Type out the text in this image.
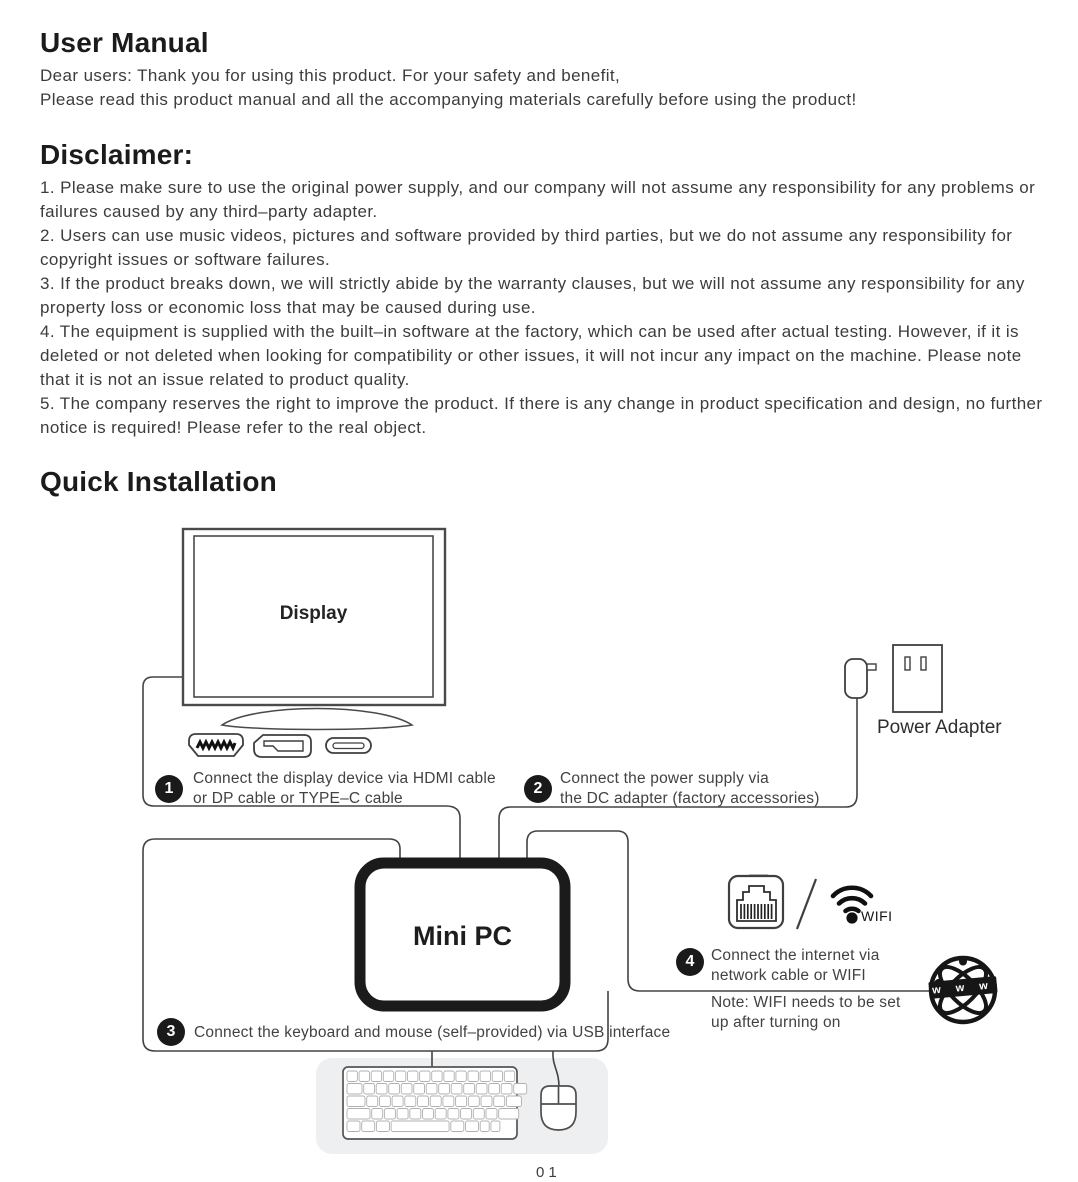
User Manual
Dear users: Thank you for using this product. For your safety and benefit,
Please read this product manual and all the accompanying materials carefully before using the product!
Disclaimer:

1. Please make sure to use the original power supply, and our company will not assume any responsibility for any problems or failures caused by any third–party adapter.

2. Users can use music videos, pictures and software provided by third parties, but we do not assume any responsibility for copyright issues or software failures.

3. If the product breaks down, we will strictly abide by the warranty clauses, but we will not assume any responsibility for any property loss or economic loss that may be caused during use.

4. The equipment is supplied with the built–in software at the factory, which can be used after actual testing. However, if it is deleted or not deleted when looking for compatibility or other issues, it will not incur any impact on the machine. Please note that it is not an issue related to product quality.

5. The company reserves the right to improve the product. If there is any change in product specification and design, no further notice is required! Please refer to the real object.

Quick Installation
Display
Power Adapter
Mini PC
WIFI
1
Connect the display device via HDMI cable
or DP cable or TYPE–C cable
2
Connect the power supply via
the DC adapter (factory accessories)
3	Connect the keyboard and mouse (self–provided) via USB interface
4	Connect the internet via
network cable or WIFI
Note: WIFI needs to be set
up after turning on
w w w
01
